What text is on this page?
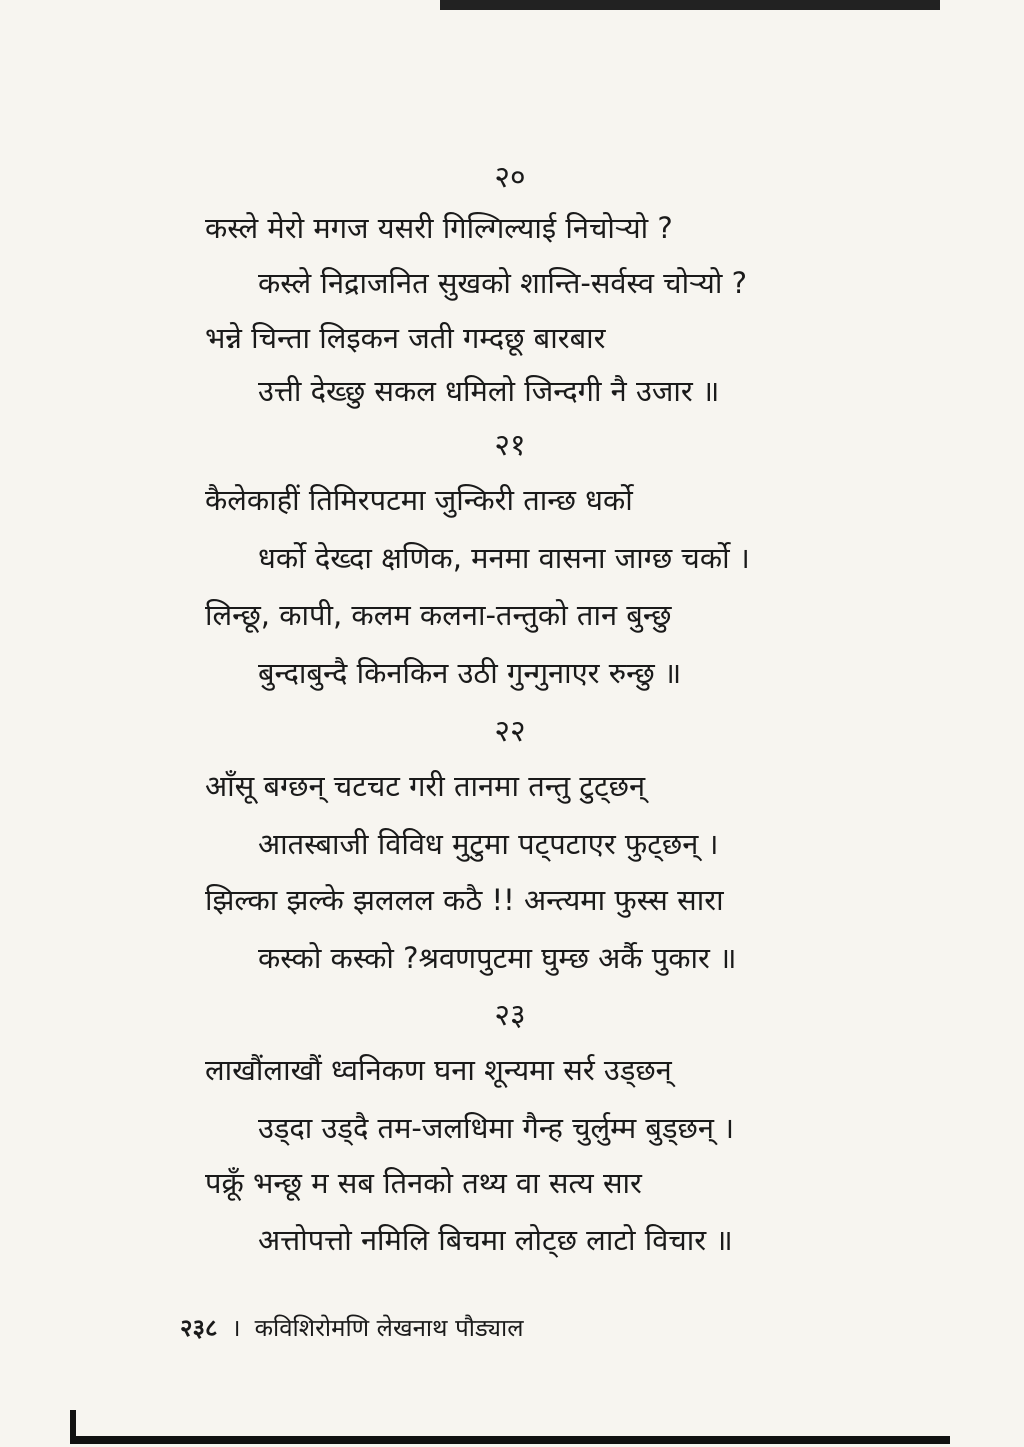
२०
कस्ले मेरो मगज यसरी गिल्गिल्याई निचोऱ्यो ?
कस्ले निद्राजनित सुखको शान्ति-सर्वस्व चोऱ्यो ?
भन्ने चिन्ता लिइकन जती गम्दछू बारबार
उत्ती देख्छु सकल धमिलो जिन्दगी नै उजार ॥
२१
कैलेकाहीं तिमिरपटमा जुन्किरी तान्छ धर्को
धर्को देख्दा क्षणिक, मनमा वासना जाग्छ चर्को ।
लिन्छू, कापी, कलम कलना-तन्तुको तान बुन्छु
बुन्दाबुन्दै किनकिन उठी गुन्गुनाएर रुन्छु ॥
२२
आँसू बग्छन् चटचट गरी तानमा तन्तु टुट्छन्
आतस्बाजी विविध मुटुमा पट्पटाएर फुट्छन् ।
झिल्का झल्के झललल कठै !! अन्त्यमा फुस्स सारा
कस्को कस्को ?श्रवणपुटमा घुम्छ अर्कै पुकार ॥
२३
लाखौंलाखौं ध्वनिकण घना शून्यमा सर्र उड्छन्
उड्दा उड्दै तम-जलधिमा गैन्ह चुर्लुम्म बुड्छन् ।
पक्रूँ भन्छू म सब तिनको तथ्य वा सत्य सार
अत्तोपत्तो नमिलि बिचमा लोट्छ लाटो विचार ॥
२३८ । कविशिरोमणि लेखनाथ पौड्याल
